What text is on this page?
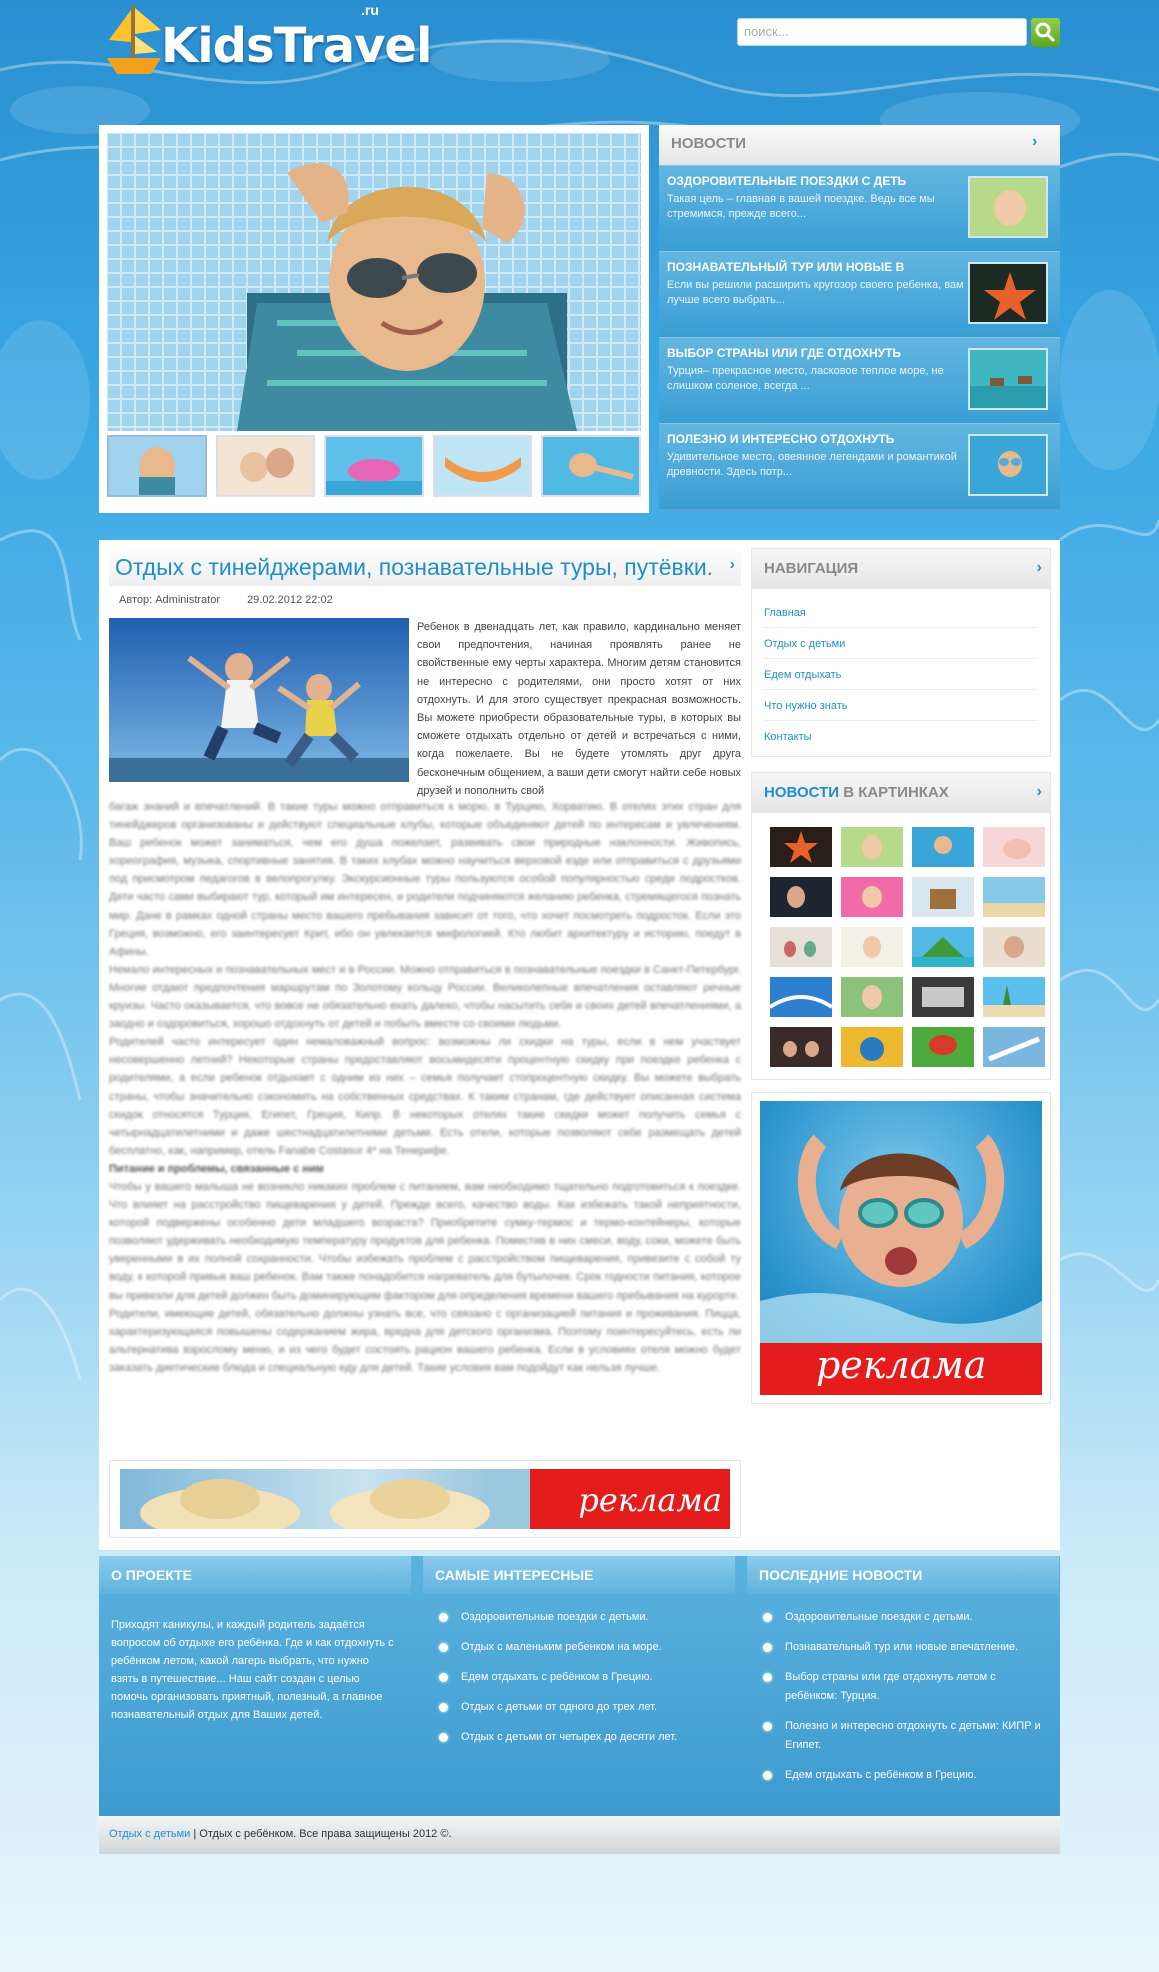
KidsTravel
.ru
поиск...
НОВОСТИ	›
ОЗДОРОВИТЕЛЬНЫЕ ПОЕЗДКИ С ДЕТЬ

Такая цель – главная в вашей поездке. Ведь все мы стремимся, прежде всего...

ПОЗНАВАТЕЛЬНЫЙ ТУР ИЛИ НОВЫЕ В

Если вы решили расширить кругозор своего ребенка, вам лучше всего выбрать...

ВЫБОР СТРАНЫ ИЛИ ГДЕ ОТДОХНУТЬ

Турция– прекрасное место, ласковое теплое море, не слишком соленое, всегда ...

ПОЛЕЗНО И ИНТЕРЕСНО ОТДОХНУТЬ

Удивительное место, овеянное легендами и романтикой древности. Здесь потр...

Отдых с тинейджерами, познавательные туры, путёвки. ›
Автор: Administrator 29.02.2012 22:02
Ребенок в двенадцать лет, как правило, кардинально меняет свои предпочтения, начиная проявлять ранее не свойственные ему черты характера. Многим детям становится не интересно с родителями, они просто хотят от них отдохнуть. И для этого существует прекрасная возможность. Вы можете приобрести образовательные туры, в которых вы сможете отдыхать отдельно от детей и встречаться с ними, когда пожелаете. Вы не будете утомлять друг друга бесконечным общением, а ваши дети смогут найти себе новых друзей и пополнить свой
багаж знаний и впечатлений. В такие туры можно отправиться к морю, в Турцию, Хорватию. В отелях этих стран для тинейджеров организованы и действуют специальные клубы, которые объединяют детей по интересам и увлечениям. Ваш ребенок может заниматься, чем его душа пожелает, развивать свои природные наклонности. Живопись, хореография, музыка, спортивные занятия. В таких клубах можно научиться верховой езде или отправиться с друзьями под присмотром педагогов в велопрогулку. Экскурсионные туры пользуются особой популярностью среди подростков. Дети часто сами выбирают тур, который им интересен, и родители подчиняются желанию ребенка, стремящегося познать мир. Дане в рамках одной страны место вашего пребывания зависит от того, что хочет посмотреть подросток. Если это Греция, возможно, его заинтересует Крит, ибо он увлекается мифологией. Кто любит архитектуру и историю, поедут в Афины.
Немало интересных и познавательных мест и в России. Можно отправиться в познавательные поездки в Санкт-Петербург. Многие отдают предпочтения маршрутам по Золотому кольцу России. Великолепные впечатления оставляют речные круизы. Часто оказывается, что вовсе не обязательно ехать далеко, чтобы насытить себя и своих детей впечатлениями, а заодно и оздоровиться, хорошо отдохнуть от детей и побыть вместе со своими людьми.
Родителей часто интересует один немаловажный вопрос: возможны ли скидки на туры, если в нем участвует несовершенно летний? Некоторые страны предоставляют восьмидесяти процентную скидку при поездке ребенка с родителями, а если ребенок отдыхает с одним из них – семья получает стопроцентную скидку. Вы можете выбрать страны, чтобы значительно сэкономить на собственных средствах. К таким странам, где действует описанная система скидок относятся Турция, Египет, Греция, Кипр. В некоторых отелях такие скидки может получить семья с четырнадцатилетними и даже шестнадцатилетними детьми. Есть отели, которые позволяют себе размещать детей бесплатно, как, например, отель Fanabe Costasur 4* на Тенерифе.
Питание и проблемы, связанные с ним
Чтобы у вашего малыша не возникло никаких проблем с питанием, вам необходимо тщательно подготовиться к поездке. Что влияет на расстройство пищеварения у детей. Прежде всего, качество воды. Как избежать такой неприятности, которой подвержены особенно дети младшего возраста? Приобретите сумку-термос и термо-контейнеры, которые позволяют удерживать необходимую температуру продуктов для ребенка. Поместив в них смеси, воду, соки, можете быть уверенными в их полной сохранности. Чтобы избежать проблем с расстройством пищеварения, привезите с собой ту воду, к которой привык ваш ребенок. Вам также понадобится нагреватель для бутылочек. Срок годности питания, которое вы привезли для детей должен быть доминирующим фактором для определения времени вашего пребывания на курорте.
Родители, имеющие детей, обязательно должны узнать все, что связано с организацией питания и проживания. Пицца, характеризующаяся повышены содержанием жира, вредна для детского организма. Поэтому поинтересуйтесь, есть ли альтернатива взрослому меню, и из чего будет состоять рацион вашего ребенка. Если в условиях отеля можно будет заказать диетические блюда и специальную еду для детей. Такие условия вам подойдут как нельзя лучше.
реклама
НАВИГАЦИЯ	›
Главная
Отдых с детьми
Едем отдыхать
Что нужно знать
Контакты
НОВОСТИ В КАРТИНКАХ	›
реклама
О ПРОЕКТЕ

Приходят каникулы, и каждый родитель задаётся вопросом об отдыхе его ребёнка. Где и как отдохнуть с ребёнком летом, какой лагерь выбрать, что нужно взять в путешествие... Наш сайт создан с целью помочь организовать приятный, полезный, а главное познавательный отдых для Ваших детей.

САМЫЕ ИНТЕРЕСНЫЕ
Оздоровительные поездки с детьми.
Отдых с маленьким ребенком на море.
Едем отдыхать с ребёнком в Грецию.
Отдых с детьми от одного до трех лет.
Отдых с детьми от четырех до десяти лет.
ПОСЛЕДНИЕ НОВОСТИ
Оздоровительные поездки с детьми.
Познавательный тур или новые впечатление.
Выбор страны или где отдохнуть летом с ребёнком: Турция.
Полезно и интересно отдохнуть с детьми: КИПР и Египет.
Едем отдыхать с ребёнком в Грецию.
Отдых с детьми | Отдых с ребёнком. Все права защищены 2012 ©.
